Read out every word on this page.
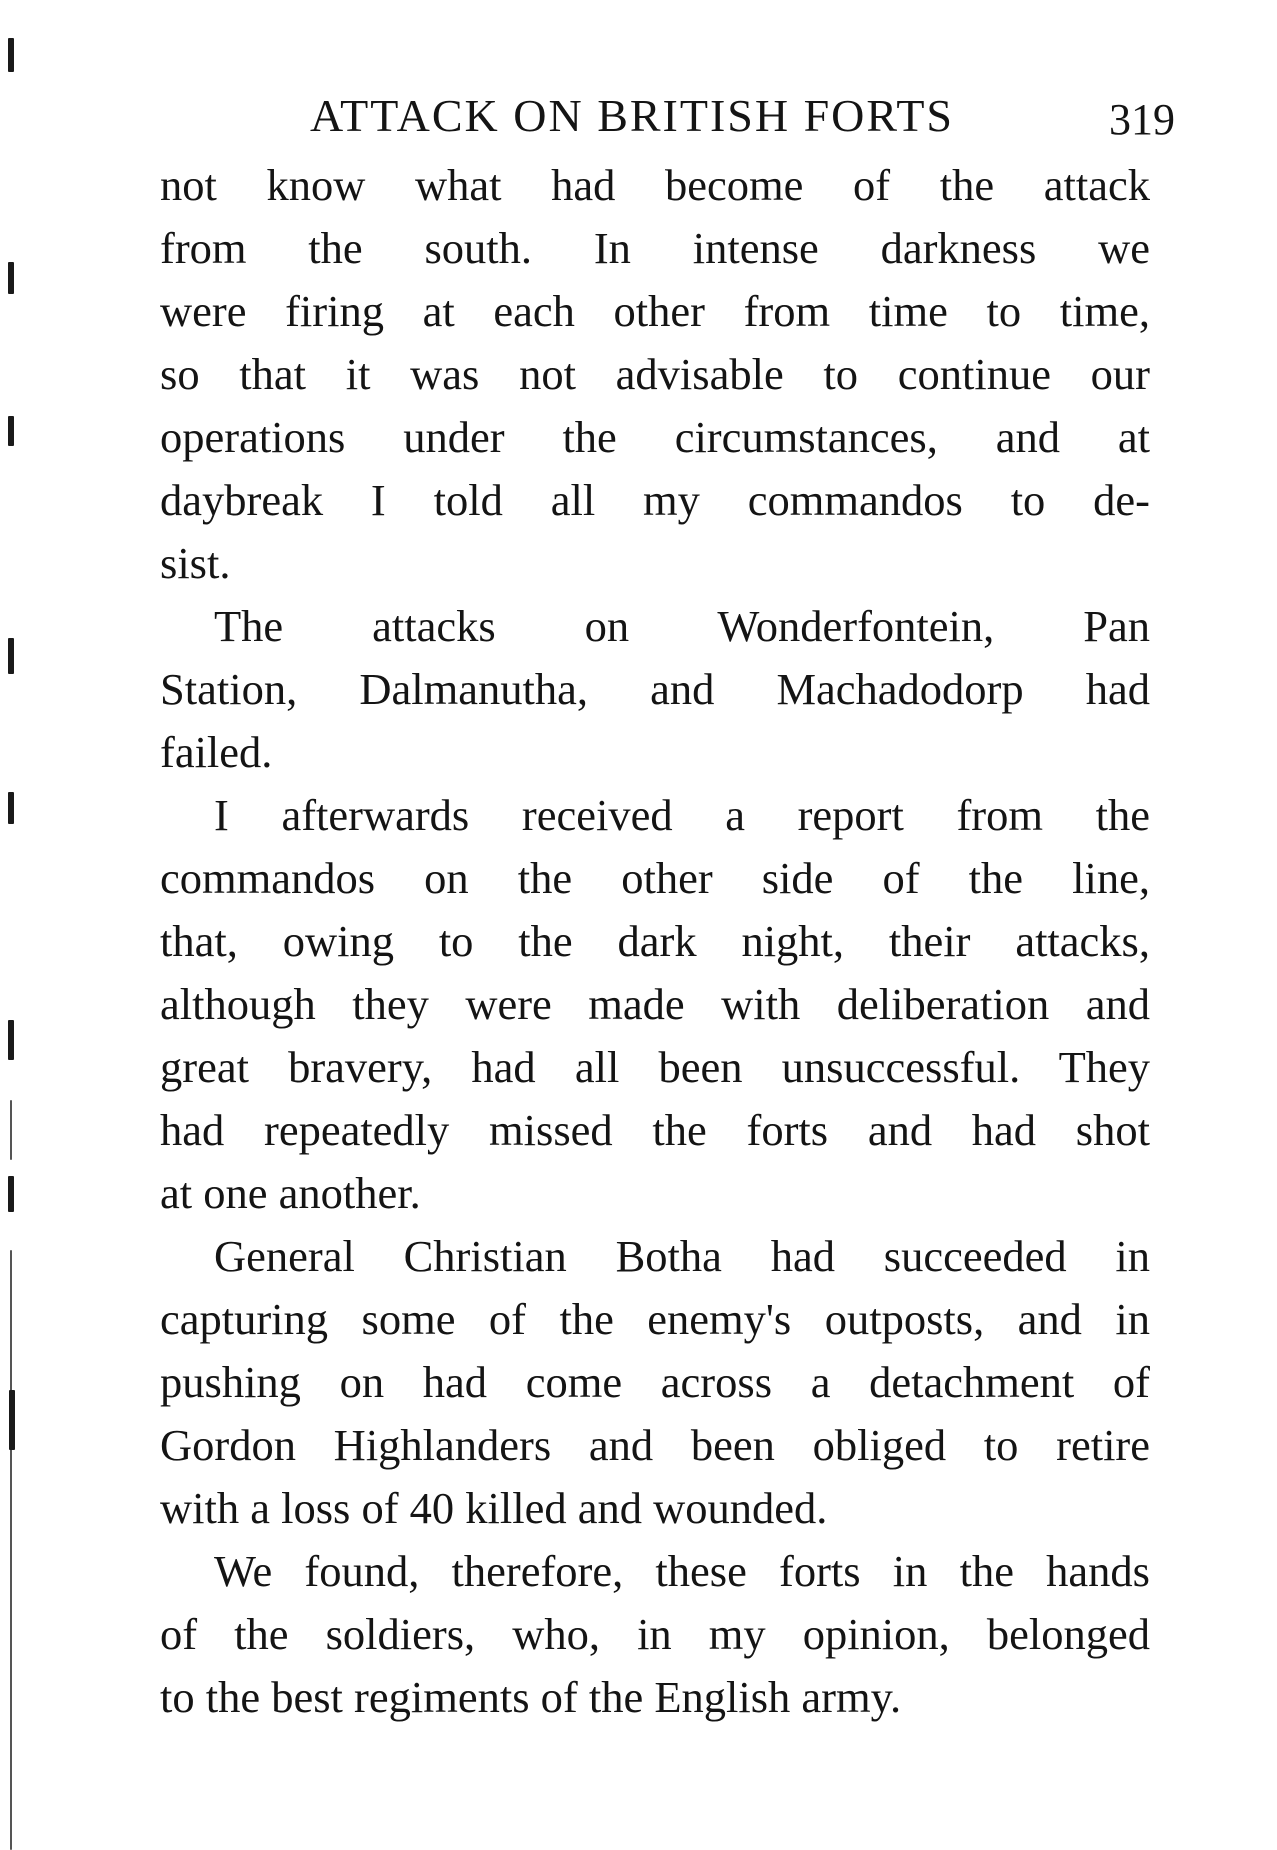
ATTACK ON BRITISH FORTS	319
not know what had become of the attack
from the south. In intense darkness we
were firing at each other from time to time,
so that it was not advisable to continue our
operations under the circumstances, and at
daybreak I told all my commandos to de-
sist.
The attacks on Wonderfontein, Pan
Station, Dalmanutha, and Machadodorp had
failed.
I afterwards received a report from the
commandos on the other side of the line,
that, owing to the dark night, their attacks,
although they were made with deliberation and
great bravery, had all been unsuccessful. They
had repeatedly missed the forts and had shot
at one another.
General Christian Botha had succeeded in
capturing some of the enemy's outposts, and in
pushing on had come across a detachment of
Gordon Highlanders and been obliged to retire
with a loss of 40 killed and wounded.
We found, therefore, these forts in the hands
of the soldiers, who, in my opinion, belonged
to the best regiments of the English army.
